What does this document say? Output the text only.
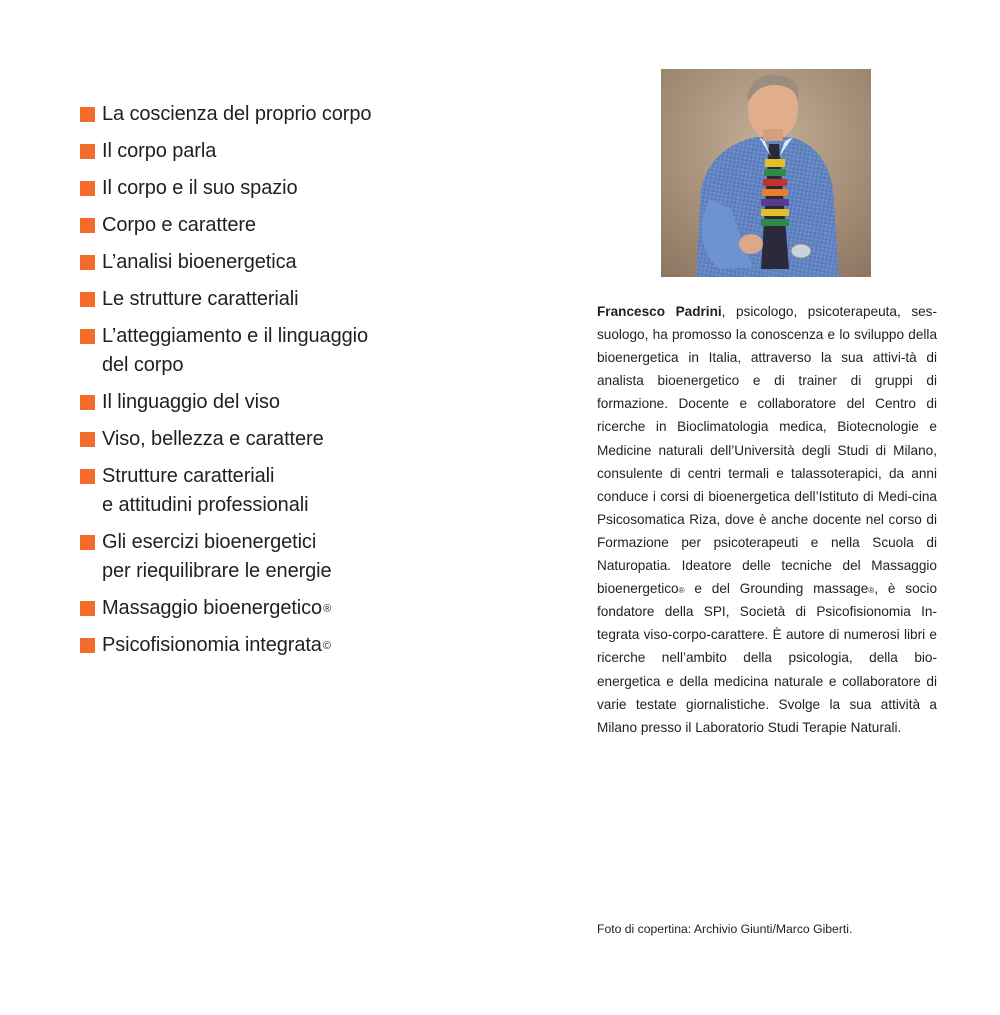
La coscienza del proprio corpo
Il corpo parla
Il corpo e il suo spazio
Corpo e carattere
L’analisi bioenergetica
Le strutture caratteriali
L’atteggiamento e il linguaggio
del corpo
Il linguaggio del viso
Viso, bellezza e carattere
Strutture caratteriali
e attitudini professionali
Gli esercizi bioenergetici
per riequilibrare le energie
Massaggio bioenergetico®
Psicofisionomia integrata©
Francesco Padrini, psicologo, psicoterapeuta, ses-suologo, ha promosso la conoscenza e lo sviluppo della bioenergetica in Italia, attraverso la sua attivi-tà di analista bioenergetico e di trainer di gruppi di formazione. Docente e collaboratore del Centro di ricerche in Bioclimatologia medica, Biotecnologie e Medicine naturali dell’Università degli Studi di Milano, consulente di centri termali e talassoterapici, da anni conduce i corsi di bioenergetica dell’Istituto di Medi-cina Psicosomatica Riza, dove è anche docente nel corso di Formazione per psicoterapeuti e nella Scuola di Naturopatia. Ideatore delle tecniche del Massaggio bioenergetico® e del Grounding massage®, è socio fondatore della SPI, Società di Psicofisionomia In-tegrata viso-corpo-carattere. È autore di numerosi libri e ricerche nell’ambito della psicologia, della bio-energetica e della medicina naturale e collaboratore di varie testate giornalistiche. Svolge la sua attività a Milano presso il Laboratorio Studi Terapie Naturali.
Foto di copertina: Archivio Giunti/Marco Giberti.
